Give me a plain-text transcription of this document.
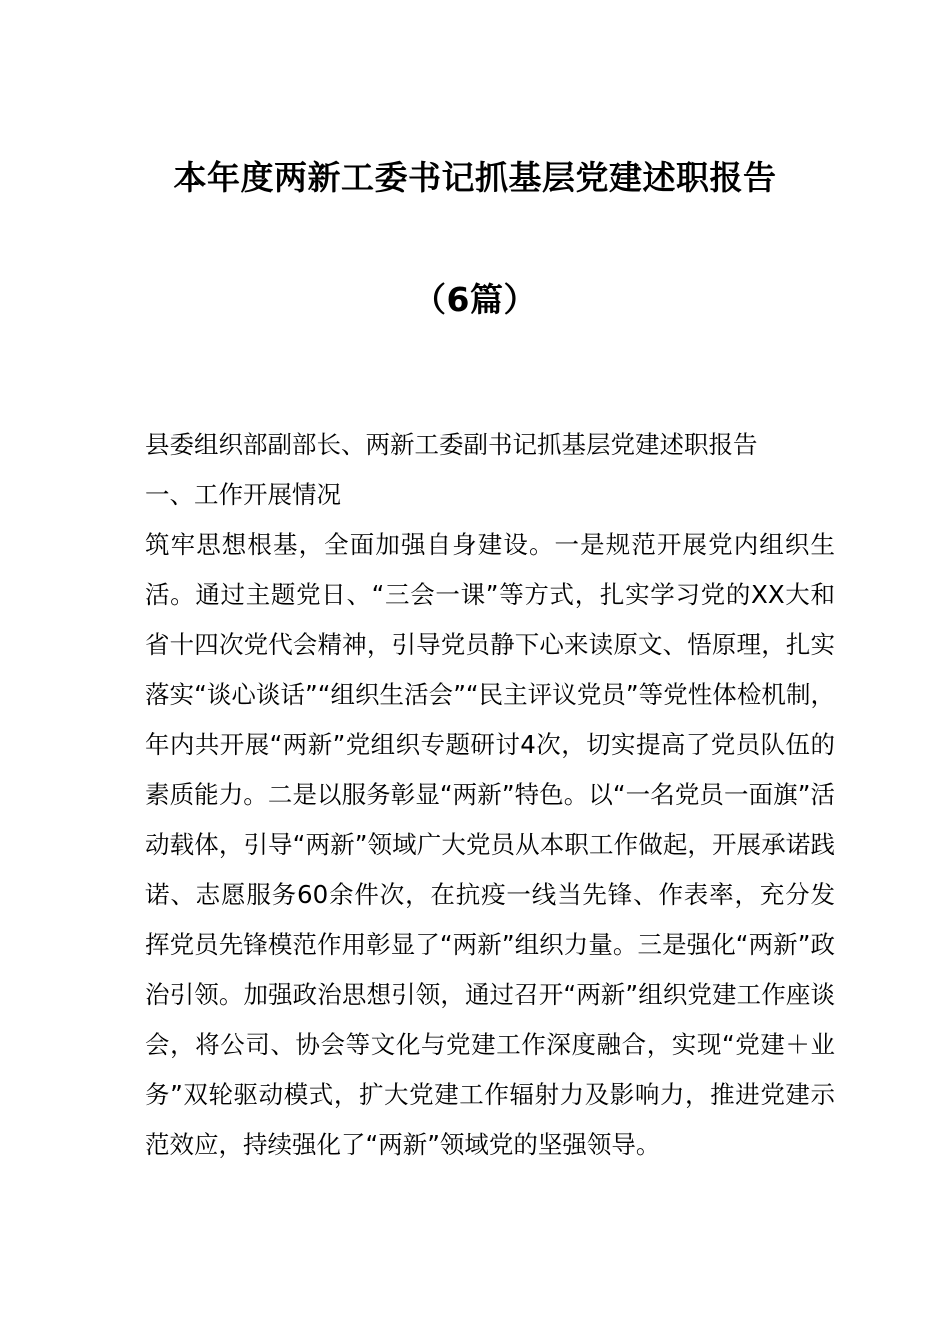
本年度两新工委书记抓基层党建述职报告
（6篇）

县委组织部副部长、两新工委副书记抓基层党建述职报告

一、工作开展情况

筑牢思想根基，全面加强自身建设。一是规范开展党内组织生活。通过主题党日、“三会一课”等方式，扎实学习党的XX大和省十四次党代会精神，引导党员静下心来读原文、悟原理，扎实落实“谈心谈话”“组织生活会”“民主评议党员”等党性体检机制，年内共开展“两新”党组织专题研讨4次，切实提高了党员队伍的素质能力。二是以服务彰显“两新”特色。以“一名党员一面旗”活动载体，引导“两新”领域广大党员从本职工作做起，开展承诺践诺、志愿服务60余件次，在抗疫一线当先锋、作表率，充分发挥党员先锋模范作用彰显了“两新”组织力量。三是强化“两新”政治引领。加强政治思想引领，通过召开“两新”组织党建工作座谈会，将公司、协会等文化与党建工作深度融合，实现“党建＋业务”双轮驱动模式，扩大党建工作辐射力及影响力，推进党建示范效应，持续强化了“两新”领域党的坚强领导。
